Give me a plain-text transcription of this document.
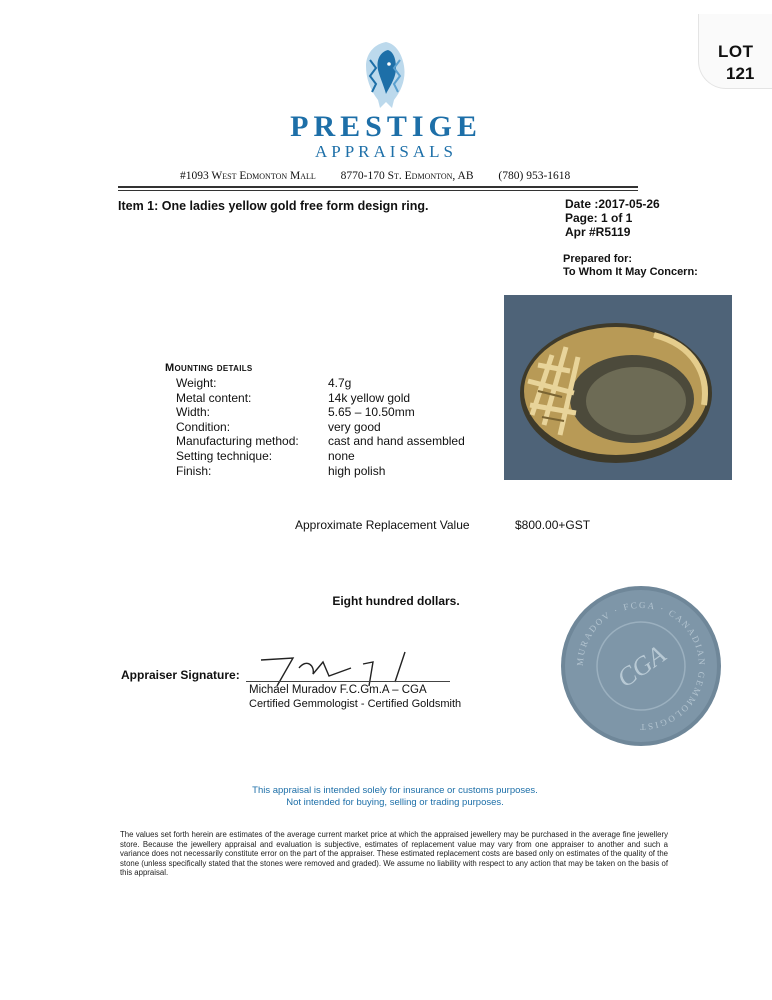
LOT
121
PRESTIGE
APPRAISALS
#1093 West Edmonton Mall 8770-170 St. Edmonton, AB (780) 953-1618
Item 1: One ladies yellow gold free form design ring.	Date :2017-05-26
Page: 1 of 1
Apr #R5119
Prepared for:
To Whom It May Concern:
Mounting details
Weight:	4.7g
Metal content:	14k yellow gold
Width:	5.65 – 10.50mm
Condition:	very good
Manufacturing method:	cast and hand assembled
Setting technique:	none
Finish:	high polish
Approximate Replacement Value	$800.00+GST
Eight hundred dollars.
MURADOV · FCGA · CANADIAN GEMMOLOGIST
CGA
Appraiser Signature:
Michael Muradov F.C.Gm.A – CGA
Certified Gemmologist - Certified Goldsmith
This appraisal is intended solely for insurance or customs purposes.
Not intended for buying, selling or trading purposes.
The values set forth herein are estimates of the average current market price at which the appraised jewellery may be purchased in the average fine jewellery store. Because the jewellery appraisal and evaluation is subjective, estimates of replacement value may vary from one appraiser to another and such a variance does not necessarily constitute error on the part of the appraiser. These estimated replacement costs are based only on estimates of the quality of the stone (unless specifically stated that the stones were removed and graded). We assume no liability with respect to any action that may be taken on the basis of this appraisal.
